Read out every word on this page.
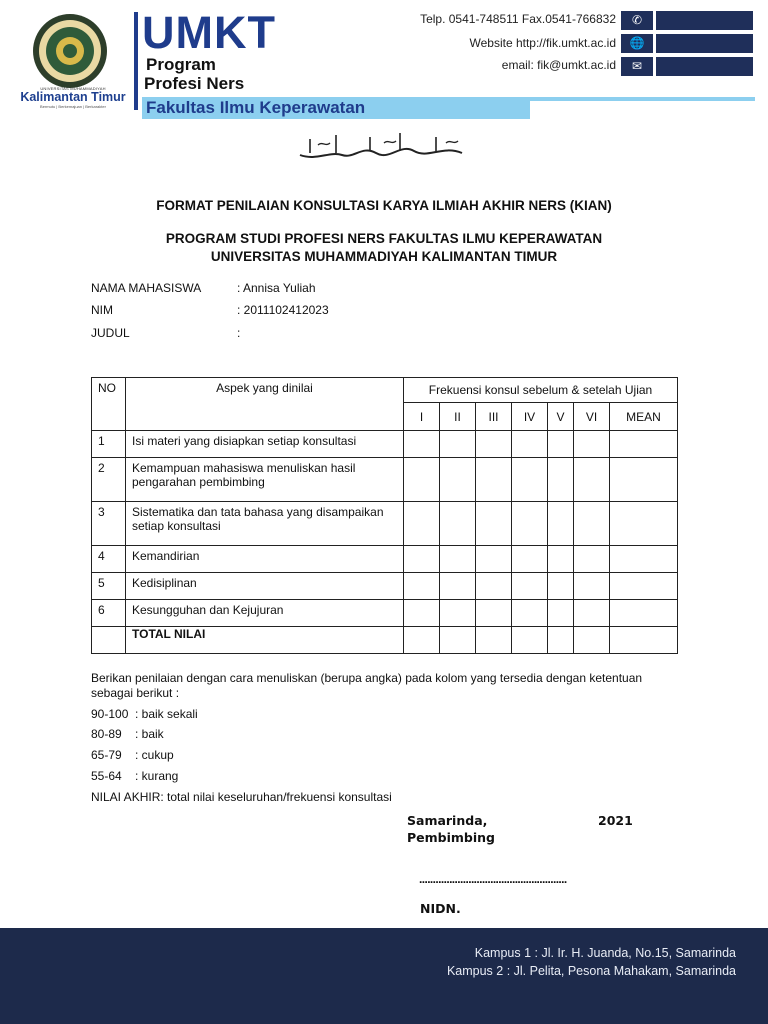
UNIVERSITAS MUHAMMADIYAH
Kalimantan Timur
Bermutu | Berkemajuan | Berkarakter
UMKT
Program
Profesi Ners
Fakultas Ilmu Keperawatan
Telp. 0541-748511 Fax.0541-766832
Website http://fik.umkt.ac.id
email: fik@umkt.ac.id
✆
🌐
✉
FORMAT PENILAIAN KONSULTASI KARYA ILMIAH AKHIR NERS (KIAN)
PROGRAM STUDI PROFESI NERS FAKULTAS ILMU KEPERAWATAN
UNIVERSITAS MUHAMMADIYAH KALIMANTAN TIMUR
NAMA MAHASISWA	: Annisa Yuliah
NIM	: 2011102412023
JUDUL	:
NO	Aspek yang dinilai	Frekuensi konsul sebelum & setelah Ujian						
		I	II	III	IV	V	VI	MEAN
1	Isi materi yang disiapkan setiap konsultasi							
2	Kemampuan mahasiswa menuliskan hasil pengarahan pembimbing							
3	Sistematika dan tata bahasa yang disampaikan setiap konsultasi							
4	Kemandirian							
5	Kedisiplinan							
6	Kesungguhan dan Kejujuran							
	TOTAL NILAI							
Berikan penilaian dengan cara menuliskan (berupa angka) pada kolom yang tersedia dengan ketentuan
sebagai berikut :
90-100 : baik sekali
80-89 : baik
65-79 : cukup
55-64 : kurang
NILAI AKHIR: total nilai keseluruhan/frekuensi konsultasi
Samarinda,	2021
Pembimbing
......................................................
NIDN.
Kampus 1 : Jl. Ir. H. Juanda, No.15, Samarinda
Kampus 2 : Jl. Pelita, Pesona Mahakam, Samarinda
